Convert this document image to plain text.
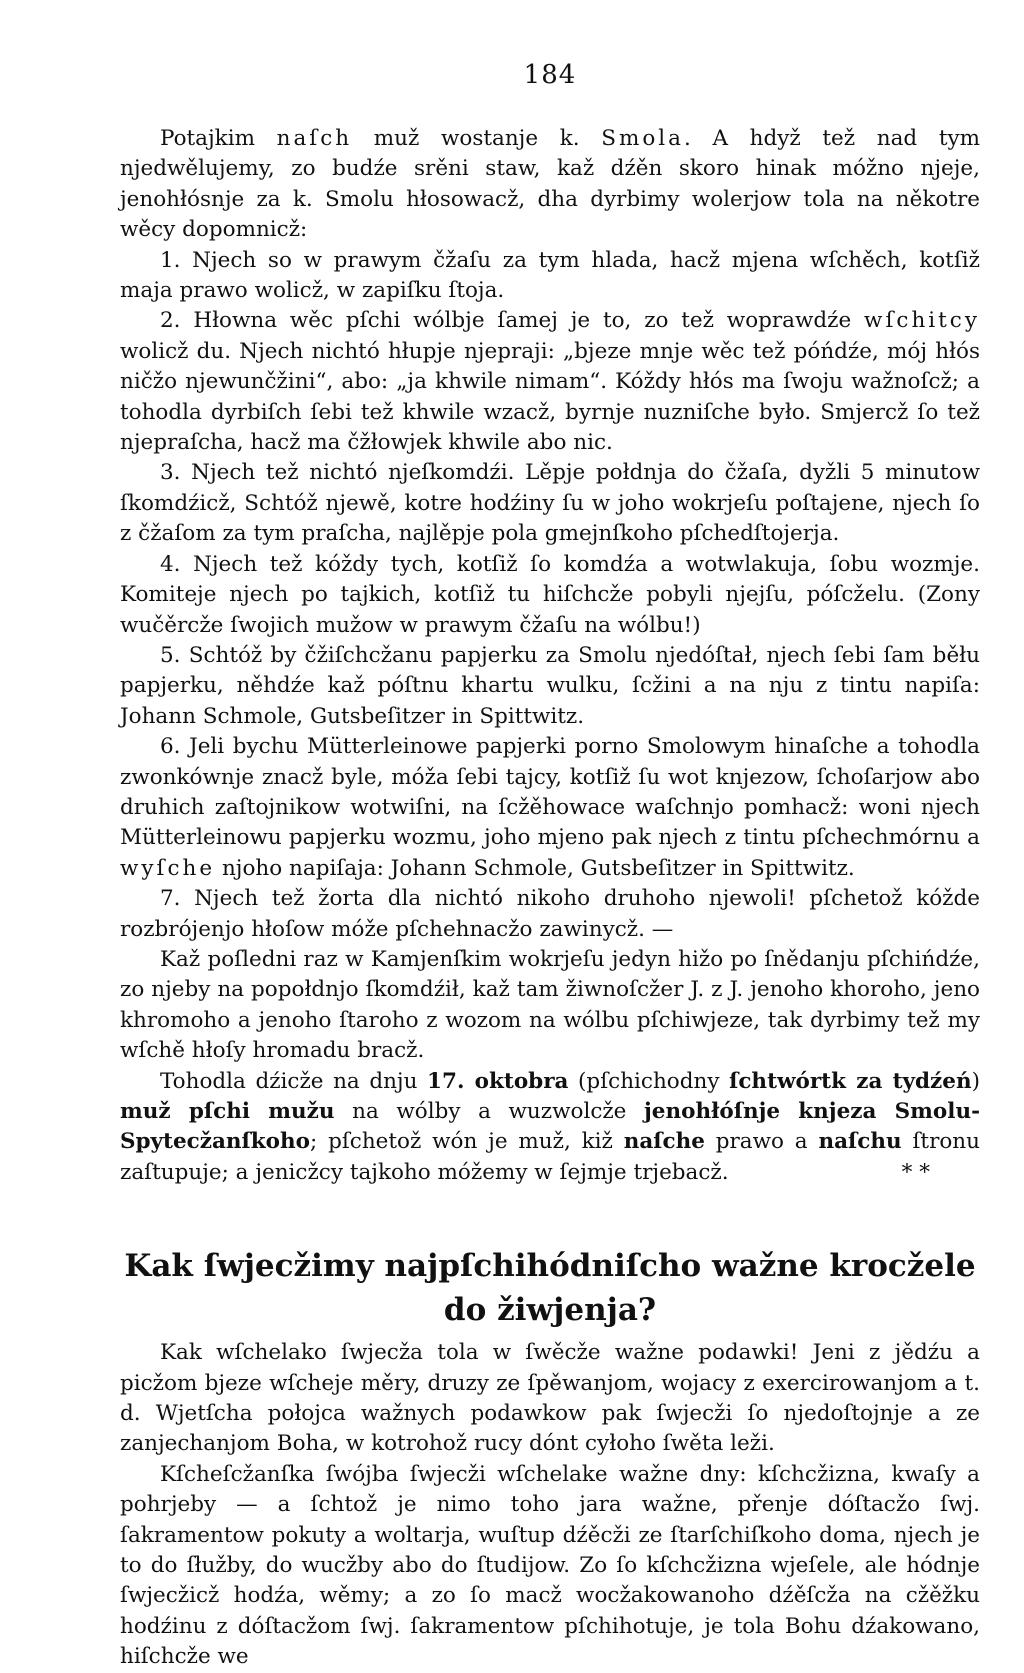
184

Potajkim naſch muž wostanje k. Smola. A hdyž tež nad tym njedwělujemy, zo budźe srěni staw, kaž dźěn skoro hinak móžno njeje, jenohłósnje za k. Smolu hłosowacž, dha dyrbimy wolerjow tola na někotre wěcy dopomnicž:

1. Njech so w prawym čžaſu za tym hlada, hacž mjena wſchěch, kotſiž maja prawo wolicž, w zapiſku ſtoja.

2. Hłowna wěc pſchi wólbje ſamej je to, zo tež woprawdźe wſchitcy wolicž du. Njech nichtó hłupje njepraji: „bjeze mnje wěc tež póńdźe, mój hłós ničžo njewunčžini“, abo: „ja khwile nimam“. Kóždy hłós ma ſwoju wažnoſcž; a tohodla dyrbiſch ſebi tež khwile wzacž, byrnje nuzniſche było. Smjercž ſo tež njepraſcha, hacž ma čžłowjek khwile abo nic.

3. Njech tež nichtó njeſkomdźi. Lěpje połdnja do čžaſa, dyžli 5 minutow ſkomdźicž, Schtóž njewě, kotre hodźiny ſu w joho wokrjeſu poſtajene, njech ſo z čžaſom za tym praſcha, najlěpje pola gmejnſkoho pſchedſtojerja.

4. Njech tež kóždy tych, kotſiž ſo komdźa a wotwlakuja, ſobu wozmje. Komiteje njech po tajkich, kotſiž tu hiſchcže pobyli njejſu, póſcželu. (Zony wučěrcže ſwojich mužow w prawym čžaſu na wólbu!)

5. Schtóž by čžiſchcžanu papjerku za Smolu njedóſtał, njech ſebi ſam běłu papjerku, něhdźe kaž póſtnu khartu wulku, ſcžini a na nju z tintu napiſa: Johann Schmole, Gutsbeſitzer in Spittwitz.

6. Jeli bychu Mütterleinowe papjerki porno Smolowym hinaſche a tohodla zwonkównje znacž byle, móža ſebi tajcy, kotſiž ſu wot knjezow, ſchoſarjow abo druhich zaſtojnikow wotwiſni, na ſcžěhowace waſchnjo pomhacž: woni njech Mütterleinowu papjerku wozmu, joho mjeno pak njech z tintu pſchechmórnu a wyſche njoho napiſaja: Johann Schmole, Gutsbeſitzer in Spittwitz.

7. Njech tež žorta dla nichtó nikoho druhoho njewoli! pſchetož kóžde rozbrójenjo hłoſow móže pſchehnacžo zawinycž. —

Kaž poſledni raz w Kamjenſkim wokrjeſu jedyn hižo po ſnědanju pſchińdźe, zo njeby na popołdnjo ſkomdźił, kaž tam žiwnoſcžer J. z J. jenoho khoroho, jeno khromoho a jenoho ſtaroho z wozom na wólbu pſchiwjeze, tak dyrbimy tež my wſchě hłoſy hromadu bracž.

Tohodla dźicže na dnju 17. oktobra (pſchichodny ſchtwórtk za tydźeń) muž pſchi mužu na wólby a wuzwolcže jenohłóſnje knjeza Smolu-Spytecžanſkoho; pſchetož wón je muž, kiž naſche prawo a naſchu ſtronu zaſtupuje; a jenicžcy tajkoho móžemy w ſejmje trjebacž.	* *

Kak ſwjecžimy najpſchihódniſcho wažne krocžele do žiwjenja?

Kak wſchelako ſwjecža tola w ſwěcže wažne podawki! Jeni z jědźu a picžom bjeze wſcheje měry, druzy ze ſpěwanjom, wojacy z exercirowanjom a t. d. Wjetſcha połojca wažnych podawkow pak ſwjecži ſo njedoſtojnje a ze zanjechanjom Boha, w kotrohož rucy dónt cyłoho ſwěta leži.

Kſcheſcžanſka ſwójba ſwjecži wſchelake wažne dny: kſchcžizna, kwaſy a pohrjeby — a ſchtož je nimo toho jara wažne, přenje dóſtacžo ſwj. ſakramentow pokuty a woltarja, wuſtup dźěcži ze ſtarſchiſkoho doma, njech je to do ſłužby, do wucžby abo do ſtudijow. Zo ſo kſchcžizna wjeſele, ale hódnje ſwjecžicž hodźa, wěmy; a zo ſo macž wocžakowanoho dźěſcža na cžěžku hodźinu z dóſtacžom ſwj. ſakramentow pſchihotuje, je tola Bohu dźakowano, hiſchcže we
